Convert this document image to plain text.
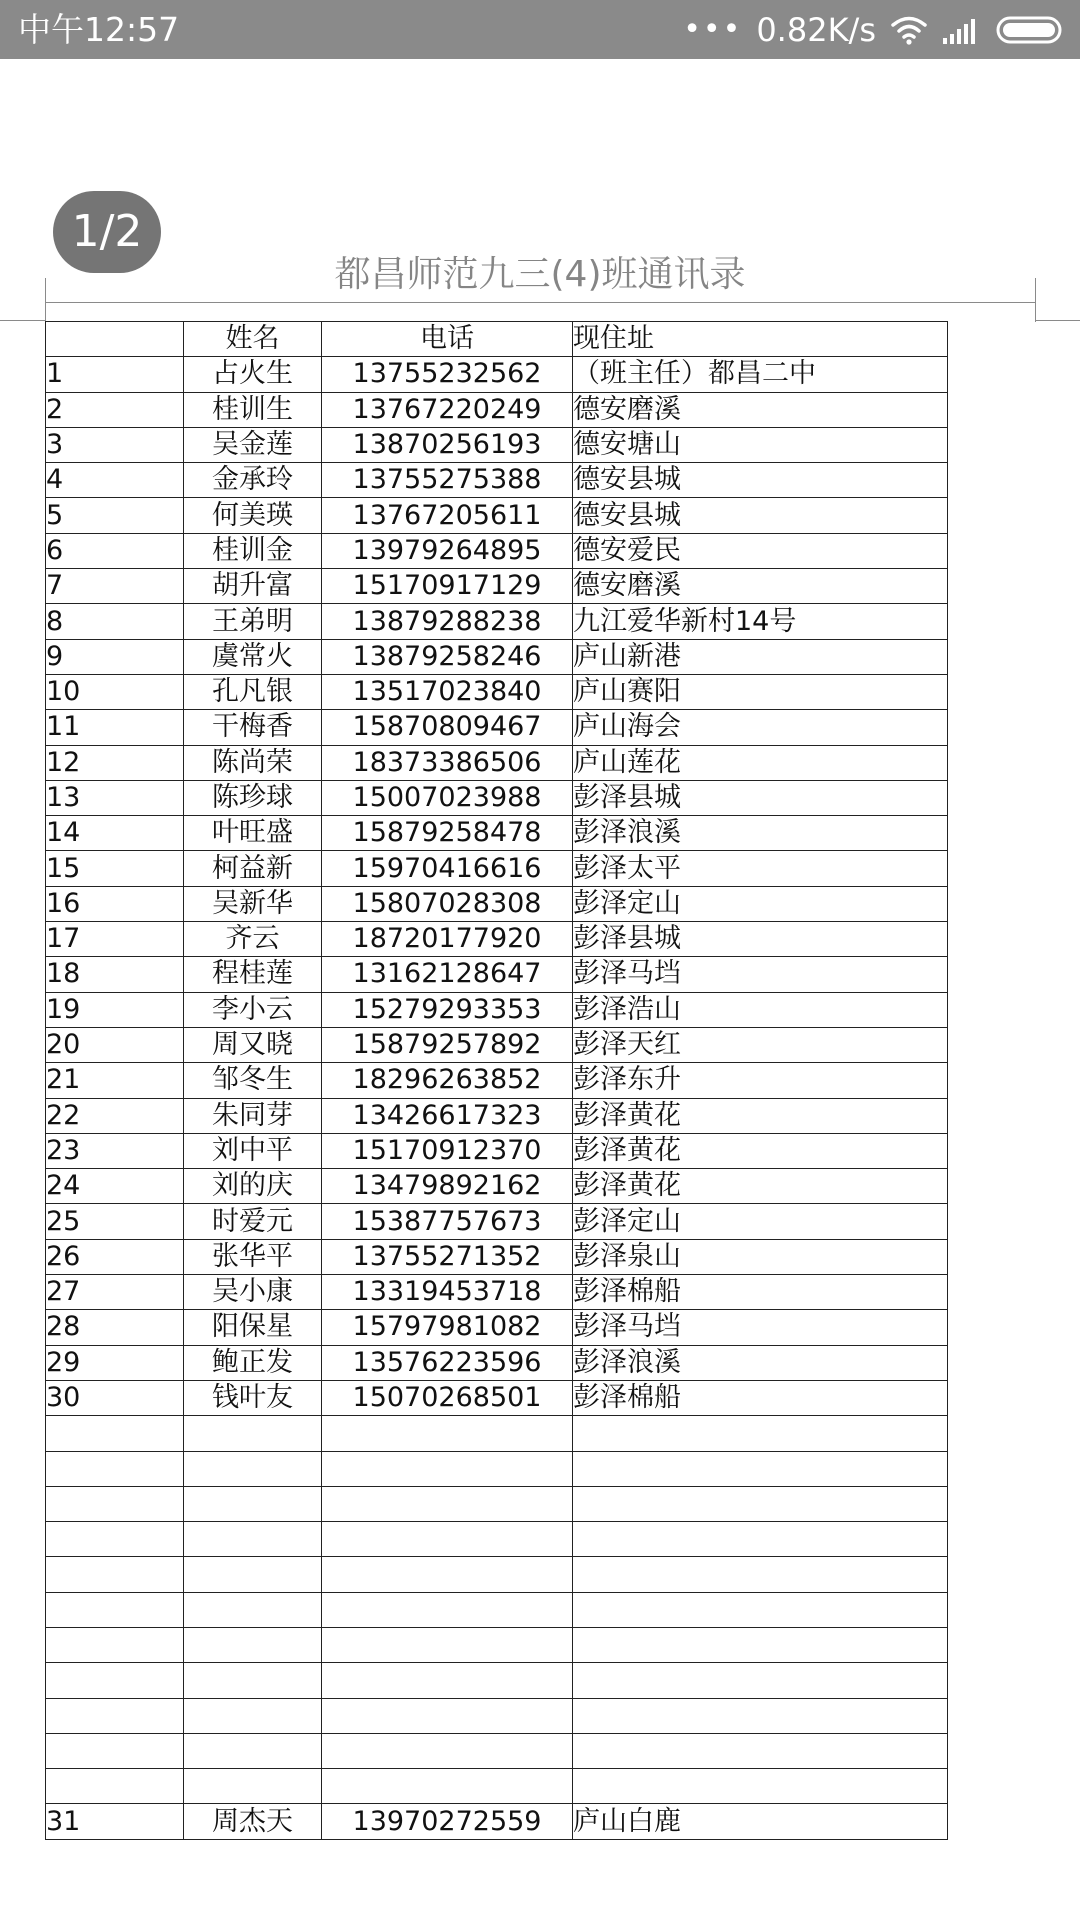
中午12:57	••• 0.82K/s
1/2
都昌师范九三(4)班通讯录
	姓名	电话	现住址
1	占火生	13755232562	（班主任）都昌二中
2	桂训生	13767220249	德安磨溪
3	吴金莲	13870256193	德安塘山
4	金承玲	13755275388	德安县城
5	何美瑛	13767205611	德安县城
6	桂训金	13979264895	德安爱民
7	胡升富	15170917129	德安磨溪
8	王弟明	13879288238	九江爱华新村14号
9	虞常火	13879258246	庐山新港
10	孔凡银	13517023840	庐山赛阳
11	干梅香	15870809467	庐山海会
12	陈尚荣	18373386506	庐山莲花
13	陈珍球	15007023988	彭泽县城
14	叶旺盛	15879258478	彭泽浪溪
15	柯益新	15970416616	彭泽太平
16	吴新华	15807028308	彭泽定山
17	齐云	18720177920	彭泽县城
18	程桂莲	13162128647	彭泽马垱
19	李小云	15279293353	彭泽浩山
20	周又晓	15879257892	彭泽天红
21	邹冬生	18296263852	彭泽东升
22	朱同芽	13426617323	彭泽黄花
23	刘中平	15170912370	彭泽黄花
24	刘的庆	13479892162	彭泽黄花
25	时爱元	15387757673	彭泽定山
26	张华平	13755271352	彭泽泉山
27	吴小康	13319453718	彭泽棉船
28	阳保星	15797981082	彭泽马垱
29	鲍正发	13576223596	彭泽浪溪
30	钱叶友	15070268501	彭泽棉船

31	周杰天	13970272559	庐山白鹿
